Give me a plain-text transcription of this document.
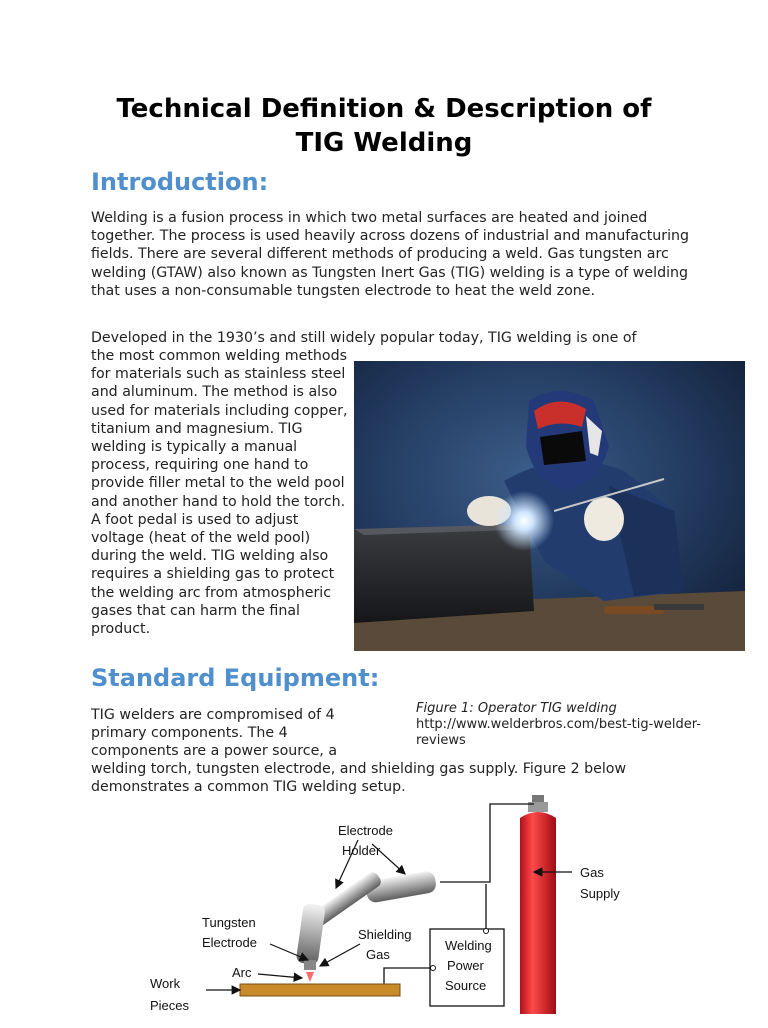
Technical Definition & Description of
TIG Welding
Introduction:

Welding is a fusion process in which two metal surfaces are heated and joined together. The process is used heavily across dozens of industrial and manufacturing fields. There are several different methods of producing a weld. Gas tungsten arc welding (GTAW) also known as Tungsten Inert Gas (TIG) welding is a type of welding that uses a non-consumable tungsten electrode to heat the weld zone.

Developed in the 1930’s and still widely popular today, TIG welding is one of

the most common welding methods for materials such as stainless steel and aluminum. The method is also used for materials including copper, titanium and magnesium. TIG welding is typically a manual process, requiring one hand to provide filler metal to the weld pool and another hand to hold the torch. A foot pedal is used to adjust voltage (heat of the weld pool) during the weld. TIG welding also requires a shielding gas to protect the welding arc from atmospheric gases that can harm the final product.

Standard Equipment:
Figure 1: Operator TIG welding
http://www.welderbros.com/best-tig-welder-reviews

TIG welders are compromised of 4 primary components. The 4 components are a power source, a

welding torch, tungsten electrode, and shielding gas supply. Figure 2 below demonstrates a common TIG welding setup.

Electrode
Holder
Gas
Supply
Tungsten
Electrode
Shielding
Gas
Welding
Power
Source
Arc
Work
Pieces
